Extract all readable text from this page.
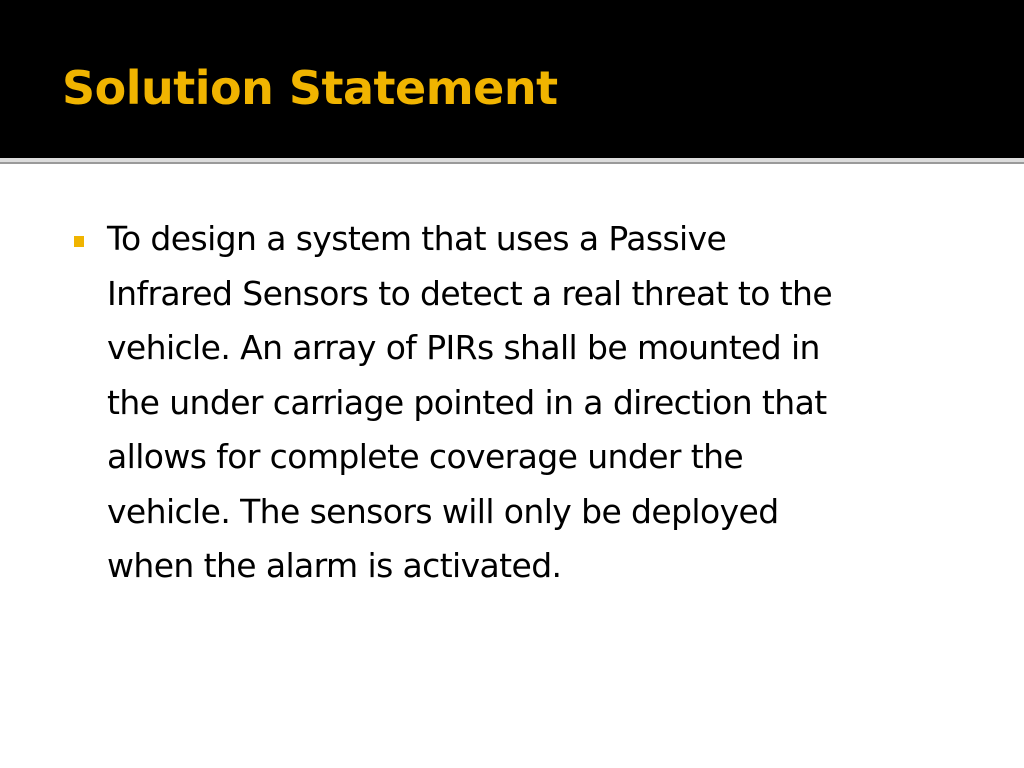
Solution Statement
To design a system that uses a Passive
Infrared Sensors to detect a real threat to the
vehicle. An array of PIRs shall be mounted in
the under carriage pointed in a direction that
allows for complete coverage under the
vehicle. The sensors will only be deployed
when the alarm is activated.
